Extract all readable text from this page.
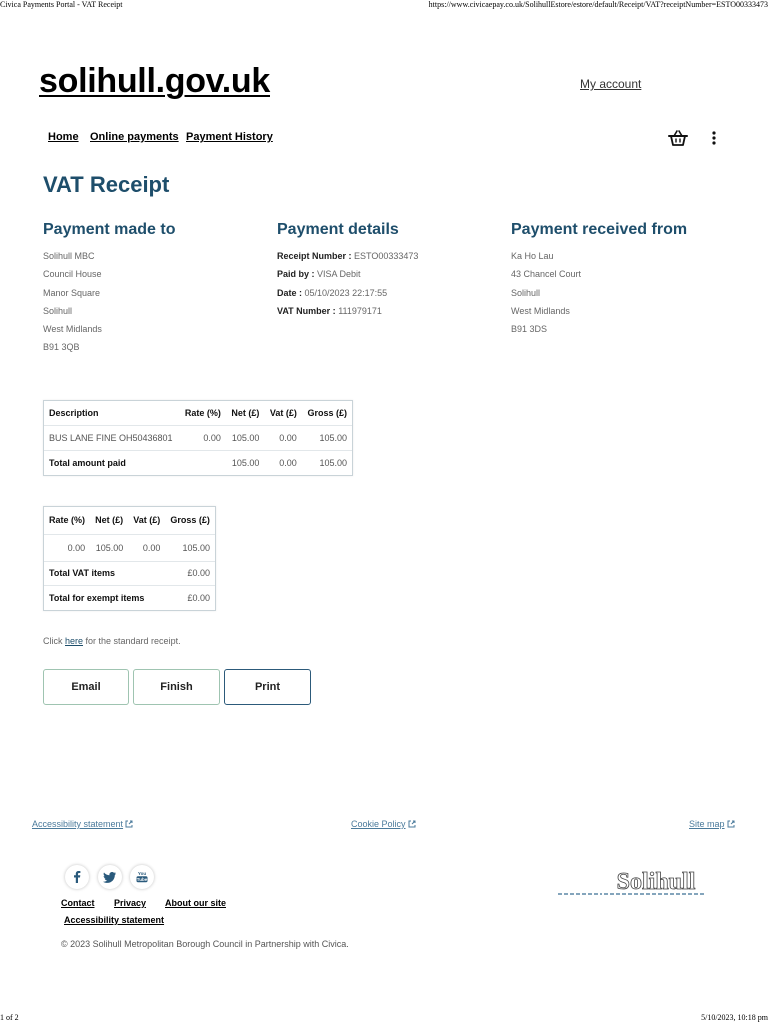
Civica Payments Portal - VAT Receipt	https://www.civicaepay.co.uk/SolihullEstore/estore/default/Receipt/VAT?receiptNumber=ESTO00333473
solihull.gov.uk	My account
Home Online payments Payment History
VAT Receipt
Payment made to
Solihull MBC
Council House
Manor Square
Solihull
West Midlands
B91 3QB
Payment details
Receipt Number : ESTO00333473
Paid by : VISA Debit
Date : 05/10/2023 22:17:55
VAT Number : 111979171
Payment received from
Ka Ho Lau
43 Chancel Court
Solihull
West Midlands
B91 3DS
Description	Rate (%)	Net (£)	Vat (£)	Gross (£)
BUS LANE FINE OH50436801	0.00	105.00	0.00	105.00
Total amount paid		105.00	0.00	105.00
Rate (%)	Net (£)	Vat (£)	Gross (£)
0.00	105.00	0.00	105.00
Total VAT items			£0.00
Total for exempt items			£0.00
Click here for the standard receipt.
Email	Finish	Print
Accessibility statement	Cookie Policy	Site map
You
Tube
Contact Privacy About our site
Accessibility statement
© 2023 Solihull Metropolitan Borough Council in Partnership with Civica.
Solihull
1 of 2	5/10/2023, 10:18 pm
